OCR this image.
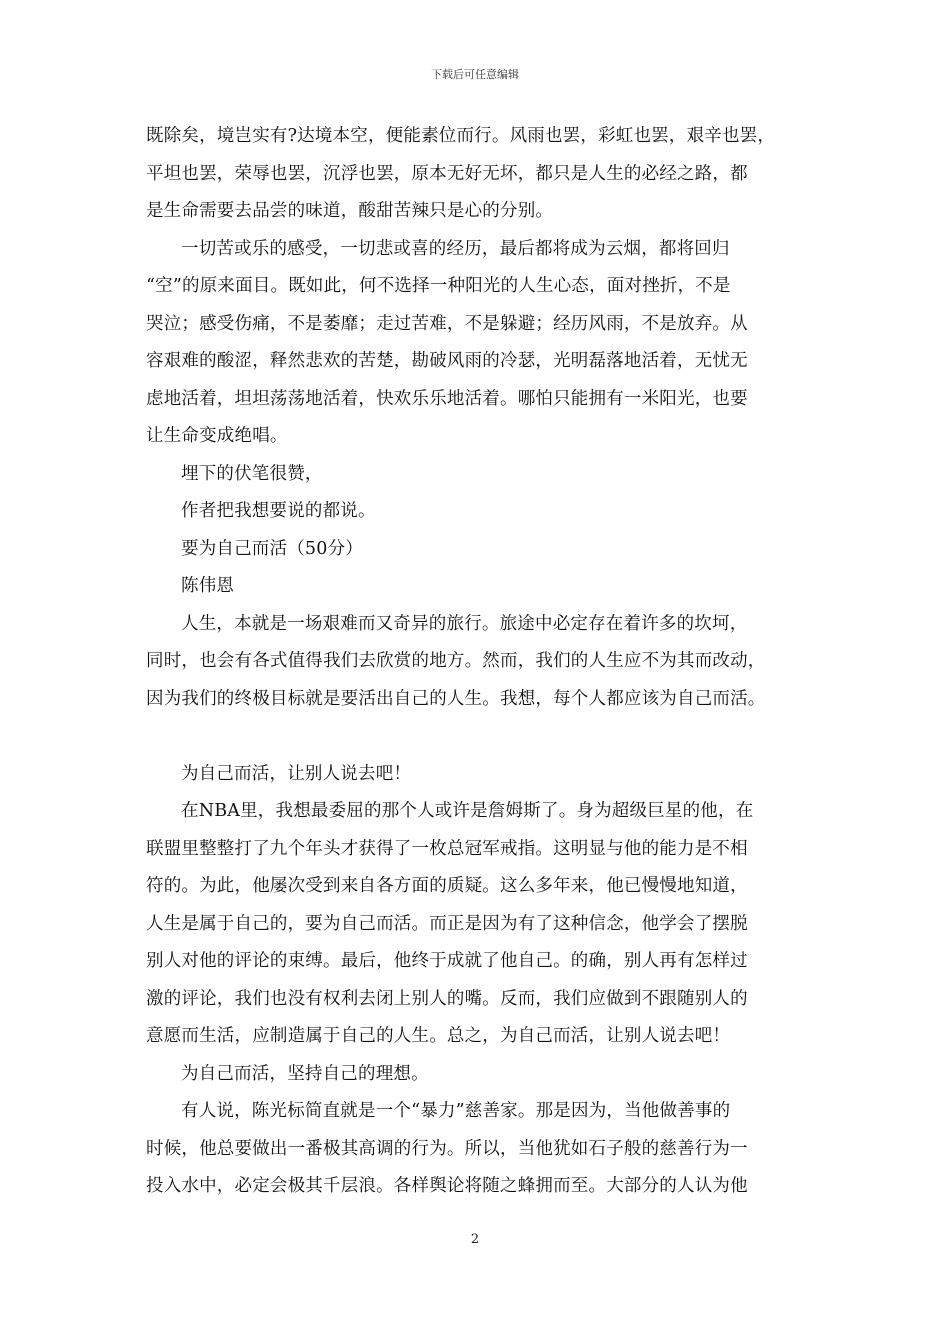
下载后可任意编辑
既除矣，境岂实有?达境本空，便能素位而行。风雨也罢，彩虹也罢，艰辛也罢，
平坦也罢，荣辱也罢，沉浮也罢，原本无好无坏，都只是人生的必经之路，都
是生命需要去品尝的味道，酸甜苦辣只是心的分别。
一切苦或乐的感受，一切悲或喜的经历，最后都将成为云烟，都将回归
“空”的原来面目。既如此，何不选择一种阳光的人生心态，面对挫折，不是
哭泣；感受伤痛，不是萎靡；走过苦难，不是躲避；经历风雨，不是放弃。从
容艰难的酸涩，释然悲欢的苦楚，勘破风雨的冷瑟，光明磊落地活着，无忧无
虑地活着，坦坦荡荡地活着，快欢乐乐地活着。哪怕只能拥有一米阳光，也要
让生命变成绝唱。
埋下的伏笔很赞，
作者把我想要说的都说。
要为自己而活（50分）
陈伟恩
人生，本就是一场艰难而又奇异的旅行。旅途中必定存在着许多的坎坷，
同时，也会有各式值得我们去欣赏的地方。然而，我们的人生应不为其而改动，
因为我们的终极目标就是要活出自己的人生。我想，每个人都应该为自己而活。
为自己而活，让别人说去吧！
在NBA里，我想最委屈的那个人或许是詹姆斯了。身为超级巨星的他，在
联盟里整整打了九个年头才获得了一枚总冠军戒指。这明显与他的能力是不相
符的。为此，他屡次受到来自各方面的质疑。这么多年来，他已慢慢地知道，
人生是属于自己的，要为自己而活。而正是因为有了这种信念，他学会了摆脱
别人对他的评论的束缚。最后，他终于成就了他自己。的确，别人再有怎样过
激的评论，我们也没有权利去闭上别人的嘴。反而，我们应做到不跟随别人的
意愿而生活，应制造属于自己的人生。总之，为自己而活，让别人说去吧！
为自己而活，坚持自己的理想。
有人说，陈光标简直就是一个“暴力”慈善家。那是因为，当他做善事的
时候，他总要做出一番极其高调的行为。所以，当他犹如石子般的慈善行为一
投入水中，必定会极其千层浪。各样舆论将随之蜂拥而至。大部分的人认为他
2
